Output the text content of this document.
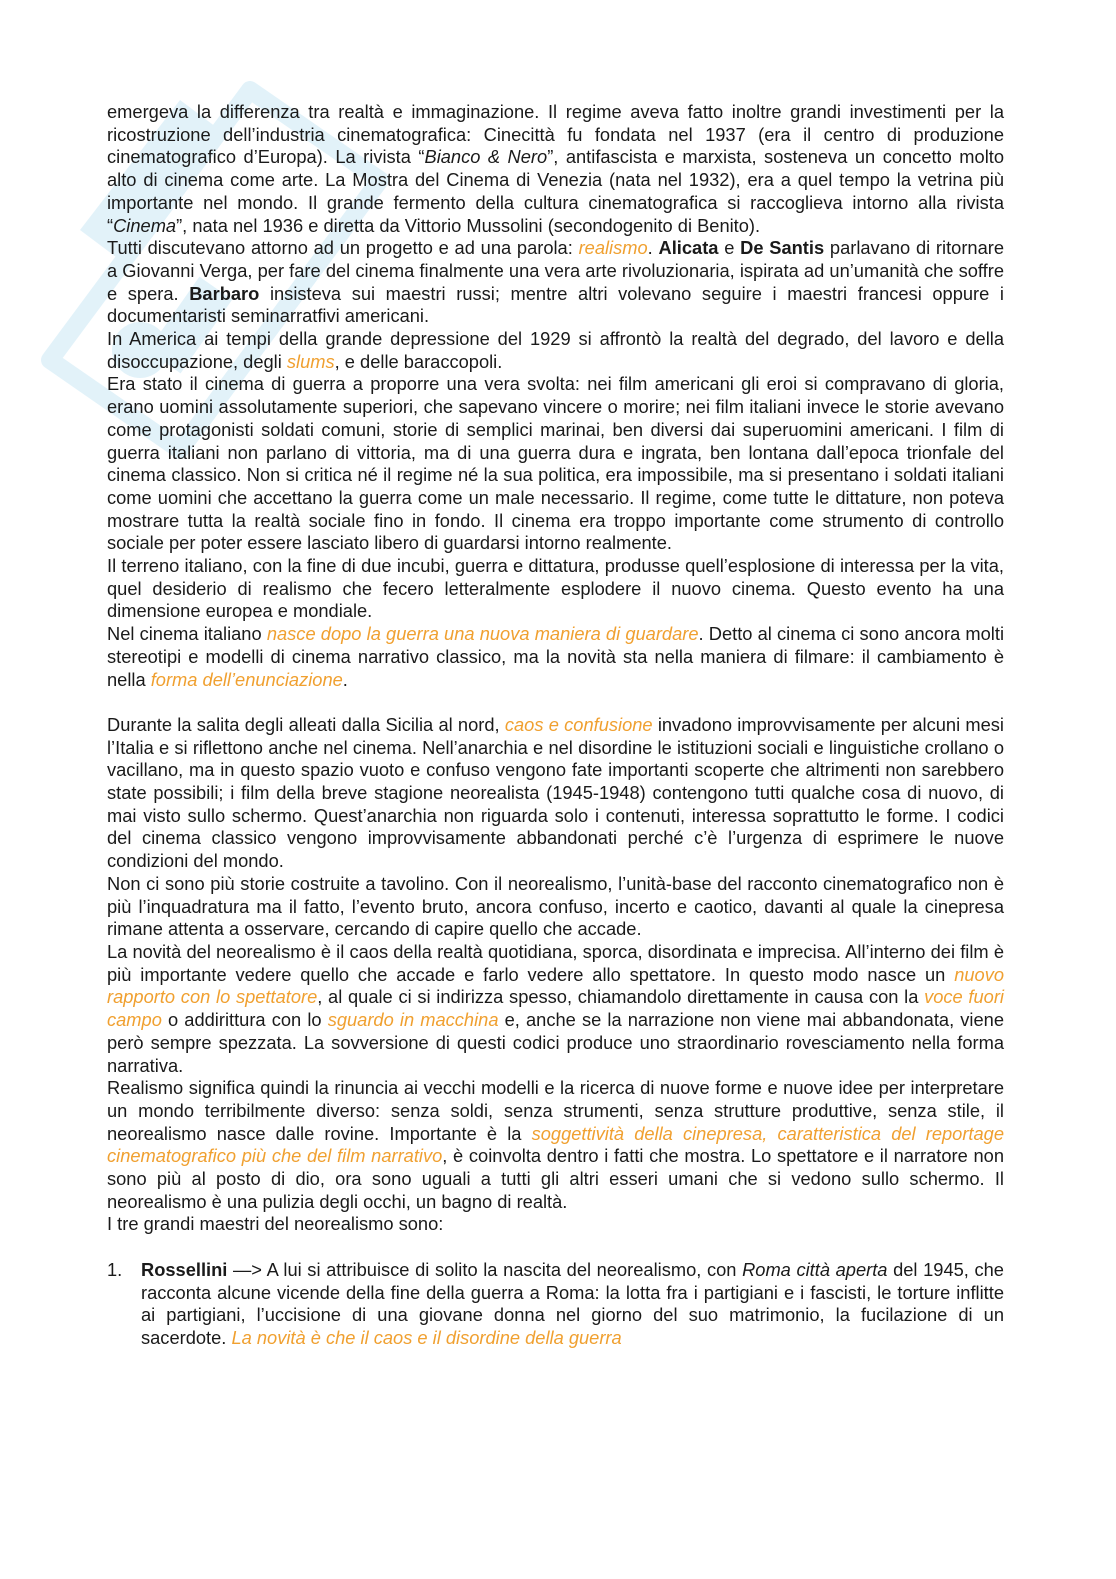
emergeva la differenza tra realtà e immaginazione. Il regime aveva fatto inoltre grandi investimenti per la ricostruzione dell’industria cinematografica: Cinecittà fu fondata nel 1937 (era il centro di produzione cinematografico d’Europa). La rivista “Bianco & Nero”, antifascista e marxista, sosteneva un concetto molto alto di cinema come arte. La Mostra del Cinema di Venezia (nata nel 1932), era a quel tempo la vetrina più importante nel mondo. Il grande fermento della cultura cinematografica si raccoglieva intorno alla rivista “Cinema”, nata nel 1936 e diretta da Vittorio Mussolini (secondogenito di Benito).

Tutti discutevano attorno ad un progetto e ad una parola: realismo. Alicata e De Santis parlavano di ritornare a Giovanni Verga, per fare del cinema finalmente una vera arte rivoluzionaria, ispirata ad un’umanità che soffre e spera. Barbaro insisteva sui maestri russi; mentre altri volevano seguire i maestri francesi oppure i documentaristi seminarratfivi americani.

In America ai tempi della grande depressione del 1929 si affrontò la realtà del degrado, del lavoro e della disoccupazione, degli slums, e delle baraccopoli.

Era stato il cinema di guerra a proporre una vera svolta: nei film americani gli eroi si compravano di gloria, erano uomini assolutamente superiori, che sapevano vincere o morire; nei film italiani invece le storie avevano come protagonisti soldati comuni, storie di semplici marinai, ben diversi dai superuomini americani. I film di guerra italiani non parlano di vittoria, ma di una guerra dura e ingrata, ben lontana dall’epoca trionfale del cinema classico. Non si critica né il regime né la sua politica, era impossibile, ma si presentano i soldati italiani come uomini che accettano la guerra come un male necessario. Il regime, come tutte le dittature, non poteva mostrare tutta la realtà sociale fino in fondo. Il cinema era troppo importante come strumento di controllo sociale per poter essere lasciato libero di guardarsi intorno realmente.

Il terreno italiano, con la fine di due incubi, guerra e dittatura, produsse quell’esplosione di interessa per la vita, quel desiderio di realismo che fecero letteralmente esplodere il nuovo cinema. Questo evento ha una dimensione europea e mondiale.

Nel cinema italiano nasce dopo la guerra una nuova maniera di guardare. Detto al cinema ci sono ancora molti stereotipi e modelli di cinema narrativo classico, ma la novità sta nella maniera di filmare: il cambiamento è nella forma dell’enunciazione.

Durante la salita degli alleati dalla Sicilia al nord, caos e confusione invadono improvvisamente per alcuni mesi l’Italia e si riflettono anche nel cinema. Nell’anarchia e nel disordine le istituzioni sociali e linguistiche crollano o vacillano, ma in questo spazio vuoto e confuso vengono fate importanti scoperte che altrimenti non sarebbero state possibili; i film della breve stagione neorealista (1945-1948) contengono tutti qualche cosa di nuovo, di mai visto sullo schermo. Quest’anarchia non riguarda solo i contenuti, interessa soprattutto le forme. I codici del cinema classico vengono improvvisamente abbandonati perché c’è l’urgenza di esprimere le nuove condizioni del mondo.

Non ci sono più storie costruite a tavolino. Con il neorealismo, l’unità-base del racconto cinematografico non è più l’inquadratura ma il fatto, l’evento bruto, ancora confuso, incerto e caotico, davanti al quale la cinepresa rimane attenta a osservare, cercando di capire quello che accade.

La novità del neorealismo è il caos della realtà quotidiana, sporca, disordinata e imprecisa. All’interno dei film è più importante vedere quello che accade e farlo vedere allo spettatore. In questo modo nasce un nuovo rapporto con lo spettatore, al quale ci si indirizza spesso, chiamandolo direttamente in causa con la voce fuori campo o addirittura con lo sguardo in macchina e, anche se la narrazione non viene mai abbandonata, viene però sempre spezzata. La sovversione di questi codici produce uno straordinario rovesciamento nella forma narrativa.

Realismo significa quindi la rinuncia ai vecchi modelli e la ricerca di nuove forme e nuove idee per interpretare un mondo terribilmente diverso: senza soldi, senza strumenti, senza strutture produttive, senza stile, il neorealismo nasce dalle rovine. Importante è la soggettività della cinepresa, caratteristica del reportage cinematografico più che del film narrativo, è coinvolta dentro i fatti che mostra. Lo spettatore e il narratore non sono più al posto di dio, ora sono uguali a tutti gli altri esseri umani che si vedono sullo schermo. Il neorealismo è una pulizia degli occhi, un bagno di realtà.

I tre grandi maestri del neorealismo sono:

1. Rossellini —> A lui si attribuisce di solito la nascita del neorealismo, con Roma città aperta del 1945, che racconta alcune vicende della fine della guerra a Roma: la lotta fra i partigiani e i fascisti, le torture inflitte ai partigiani, l’uccisione di una giovane donna nel giorno del suo matrimonio, la fucilazione di un sacerdote. La novità è che il caos e il disordine della guerra
